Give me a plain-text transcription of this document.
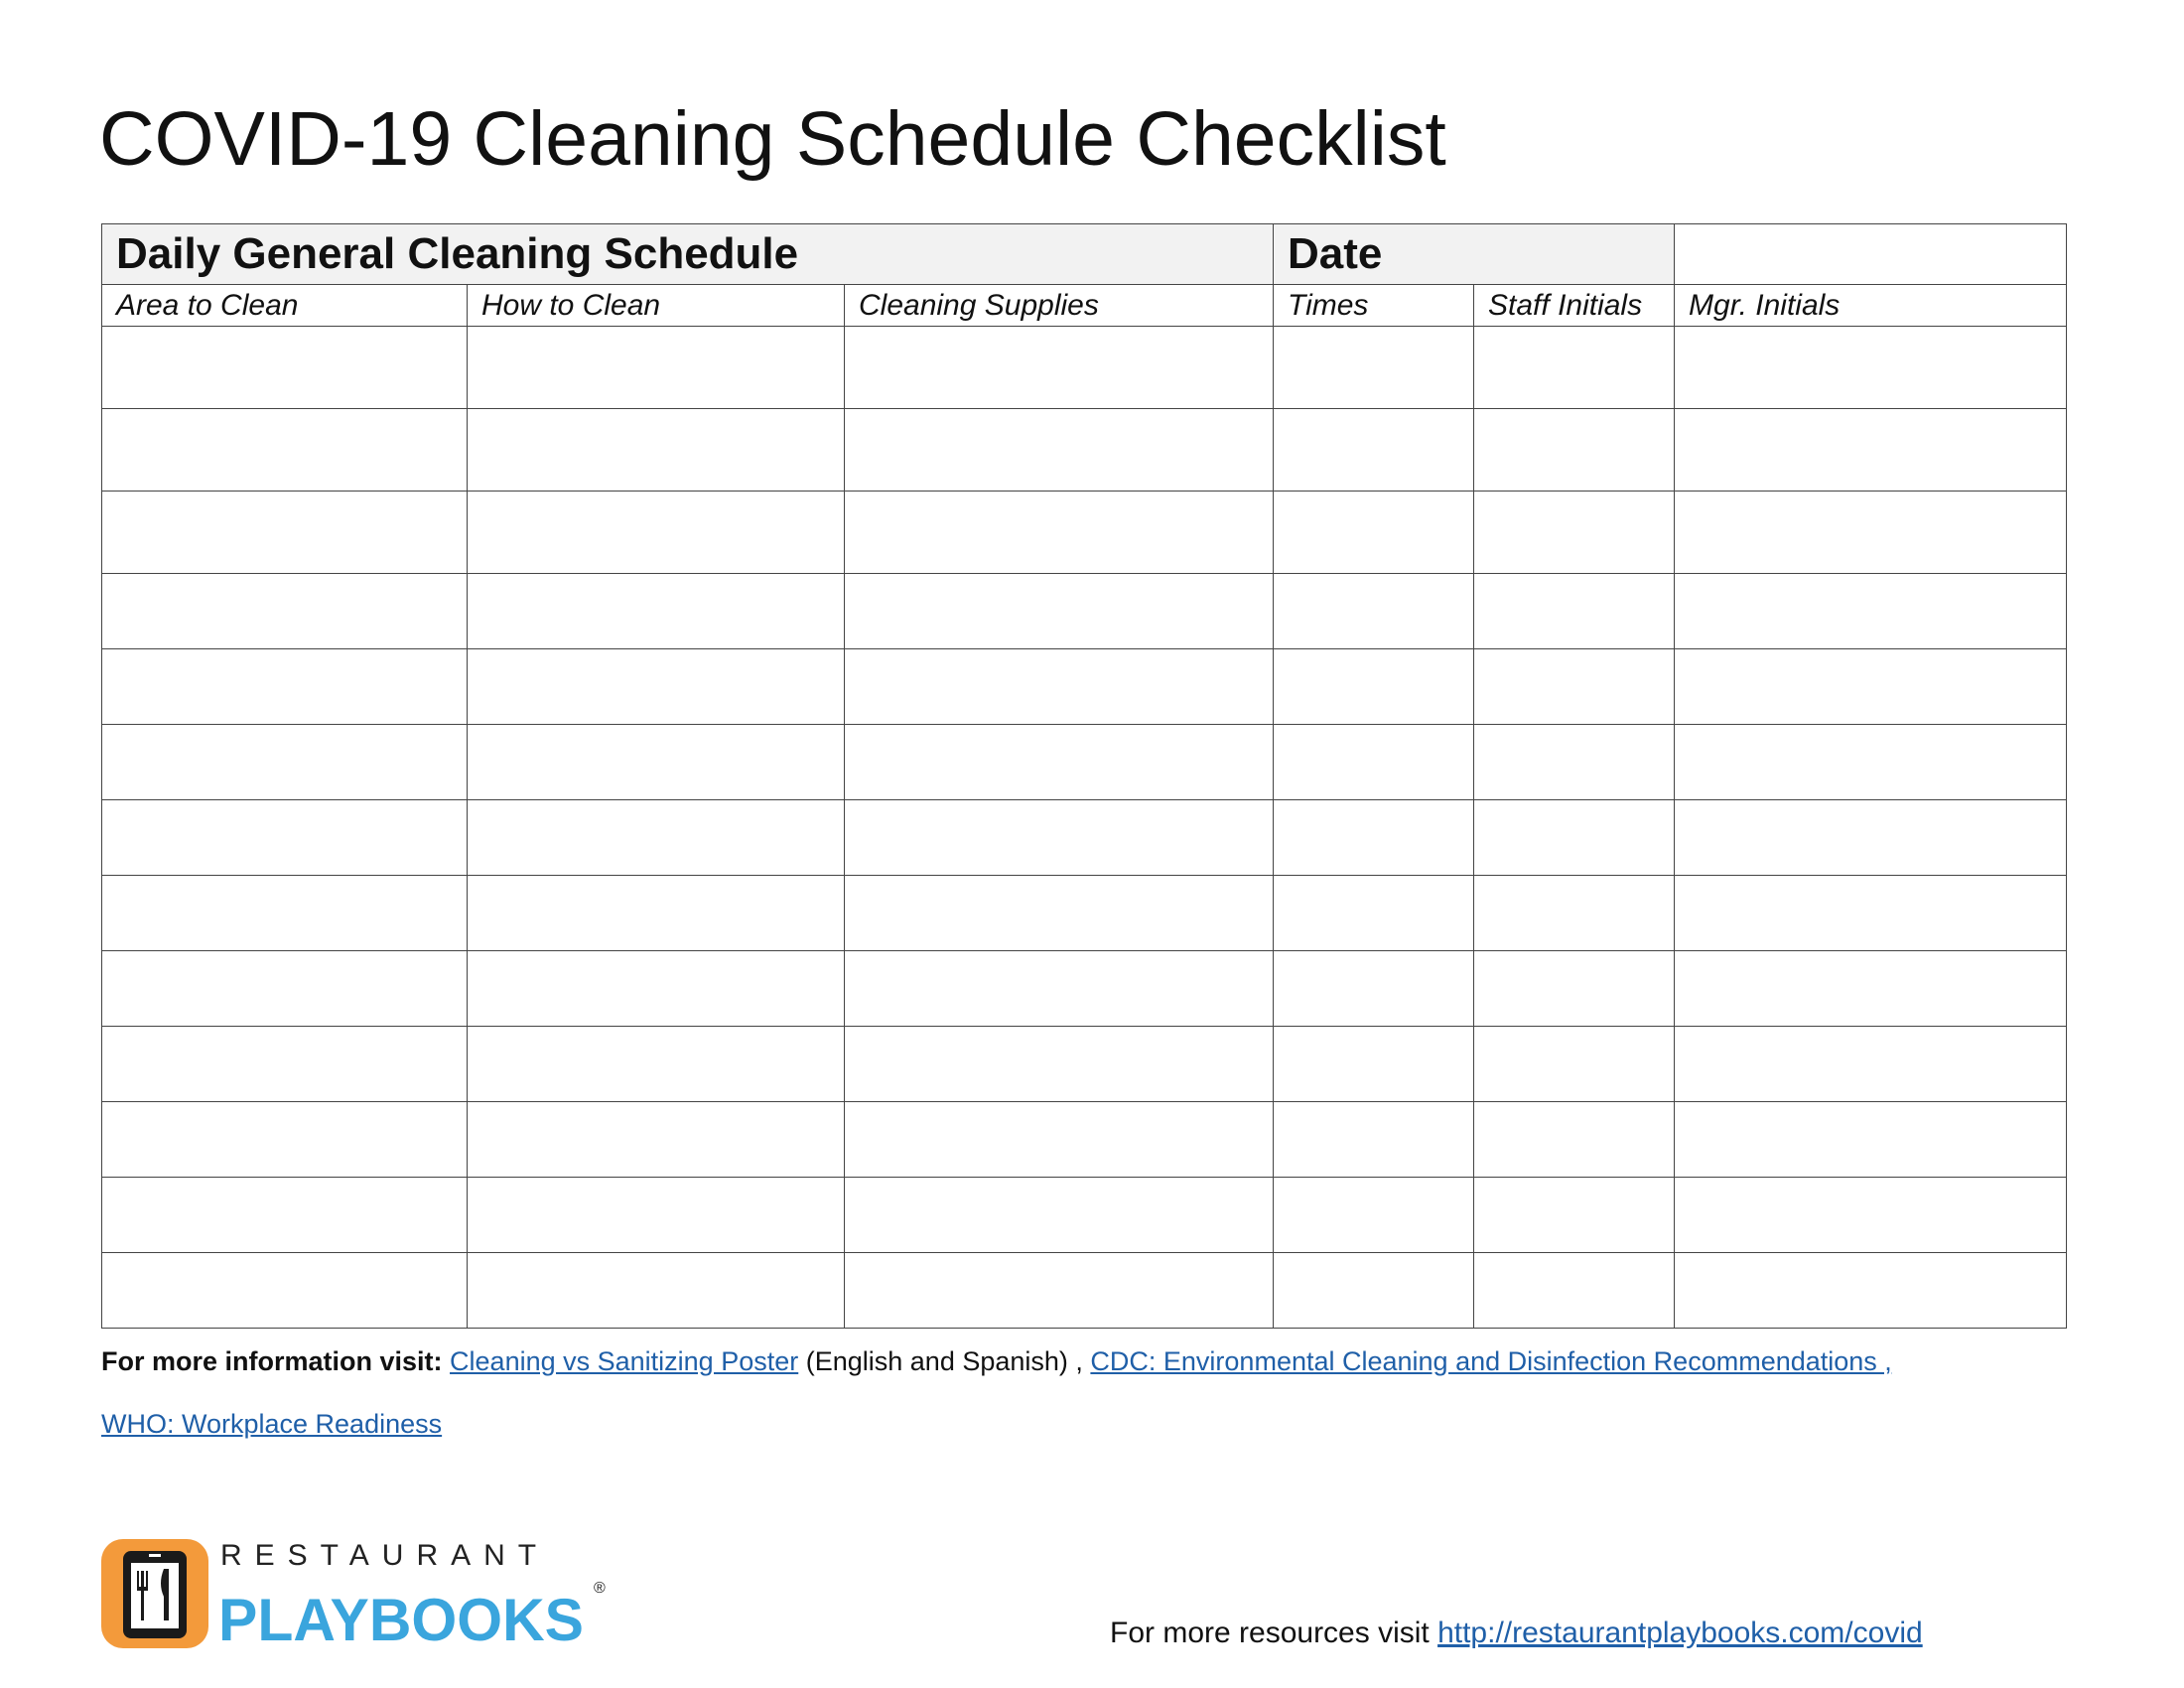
COVID-19 Cleaning Schedule Checklist
Daily General Cleaning Schedule			Date		
Area to Clean	How to Clean	Cleaning Supplies	Times	Staff Initials	Mgr. Initials

For more information visit: Cleaning vs Sanitizing Poster (English and Spanish) , CDC: Environmental Cleaning and Disinfection Recommendations ,
WHO: Workplace Readiness
RESTAURANT
PLAYBOOKS ®
For more resources visit http://restaurantplaybooks.com/covid
